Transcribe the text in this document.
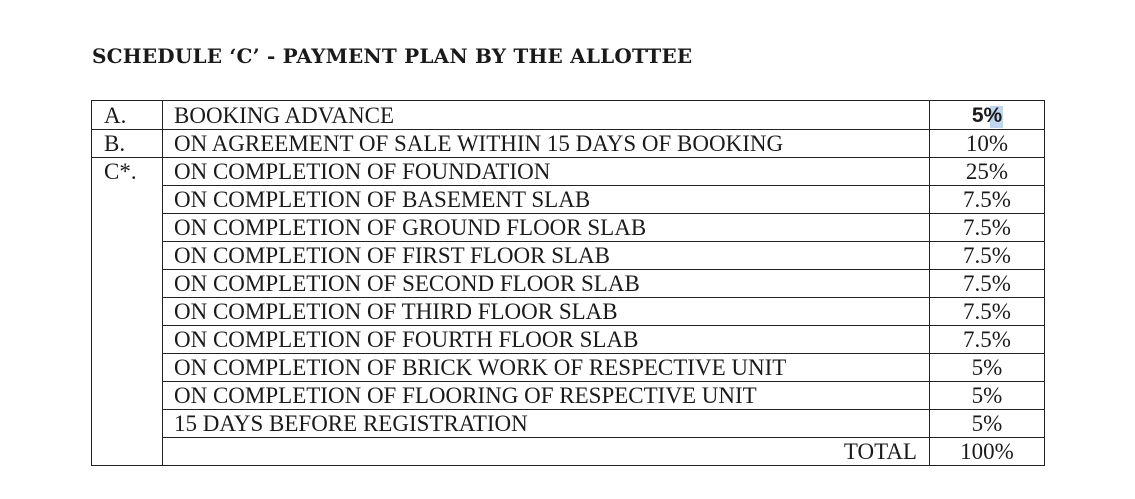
SCHEDULE ‘C’ - PAYMENT PLAN BY THE ALLOTTEE
A.	BOOKING ADVANCE	5%
B.	ON AGREEMENT OF SALE WITHIN 15 DAYS OF BOOKING	10%
C*.	ON COMPLETION OF FOUNDATION	25%
	ON COMPLETION OF BASEMENT SLAB	7.5%
	ON COMPLETION OF GROUND FLOOR SLAB	7.5%
	ON COMPLETION OF FIRST FLOOR SLAB	7.5%
	ON COMPLETION OF SECOND FLOOR SLAB	7.5%
	ON COMPLETION OF THIRD FLOOR SLAB	7.5%
	ON COMPLETION OF FOURTH FLOOR SLAB	7.5%
	ON COMPLETION OF BRICK WORK OF RESPECTIVE UNIT	5%
	ON COMPLETION OF FLOORING OF RESPECTIVE UNIT	5%
	15 DAYS BEFORE REGISTRATION	5%
	TOTAL	100%
